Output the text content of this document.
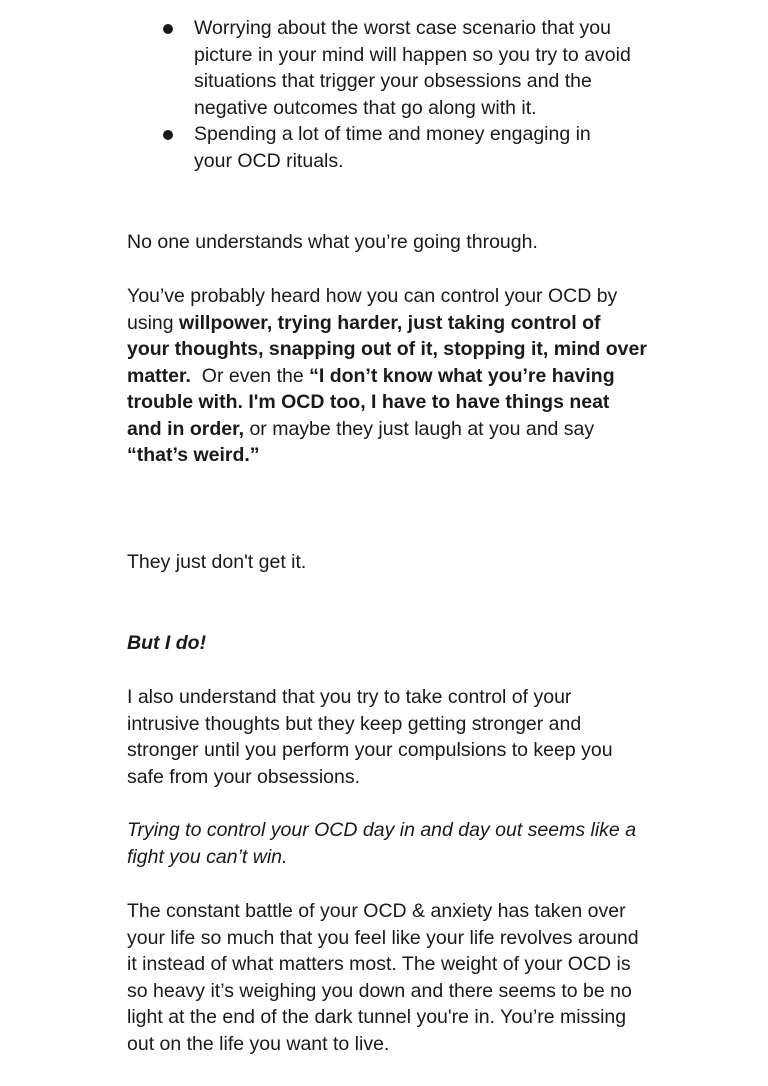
Worrying about the worst case scenario that you picture in your mind will happen so you try to avoid situations that trigger your obsessions and the negative outcomes that go along with it.
Spending a lot of time and money engaging in your OCD rituals.

No one understands what you’re going through.

You’ve probably heard how you can control your OCD by using willpower, trying harder, just taking control of your thoughts, snapping out of it, stopping it, mind over matter.  Or even the “I don’t know what you’re having trouble with. I'm OCD too, I have to have things neat and in order, or maybe they just laugh at you and say “that’s weird.”

They just don't get it.

But I do!

I also understand that you try to take control of your intrusive thoughts but they keep getting stronger and stronger until you perform your compulsions to keep you safe from your obsessions.

Trying to control your OCD day in and day out seems like a fight you can’t win.

The constant battle of your OCD & anxiety has taken over your life so much that you feel like your life revolves around it instead of what matters most. The weight of your OCD is so heavy it’s weighing you down and there seems to be no light at the end of the dark tunnel you're in. You’re missing out on the life you want to live.
